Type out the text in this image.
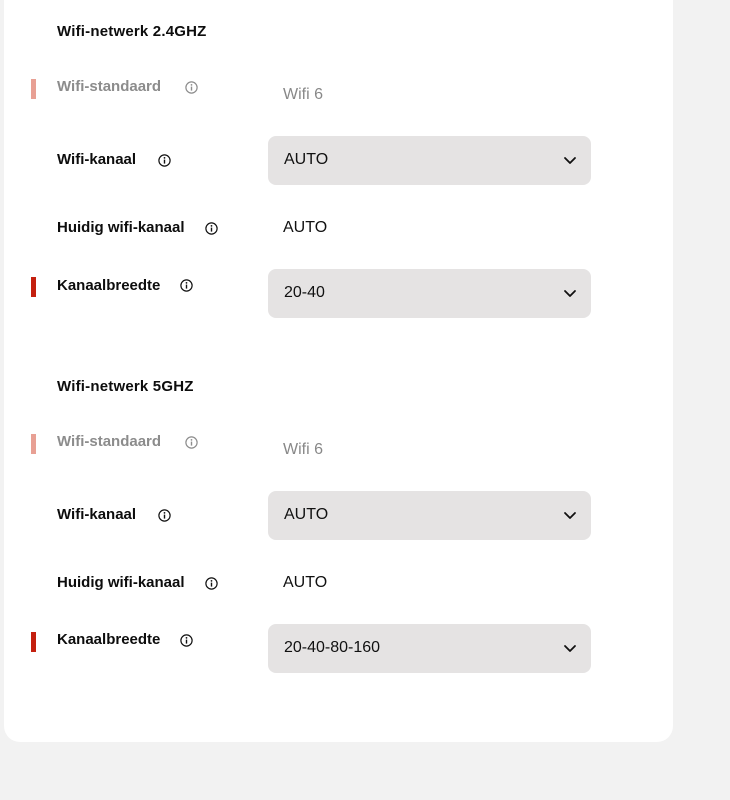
Wifi-netwerk 2.4GHZ
Wifi-standaard	Wifi 6
Wifi-kanaal	AUTO
Huidig wifi-kanaal	AUTO
Kanaalbreedte	20-40
Wifi-netwerk 5GHZ
Wifi-standaard	Wifi 6
Wifi-kanaal	AUTO
Huidig wifi-kanaal	AUTO
Kanaalbreedte	20-40-80-160
